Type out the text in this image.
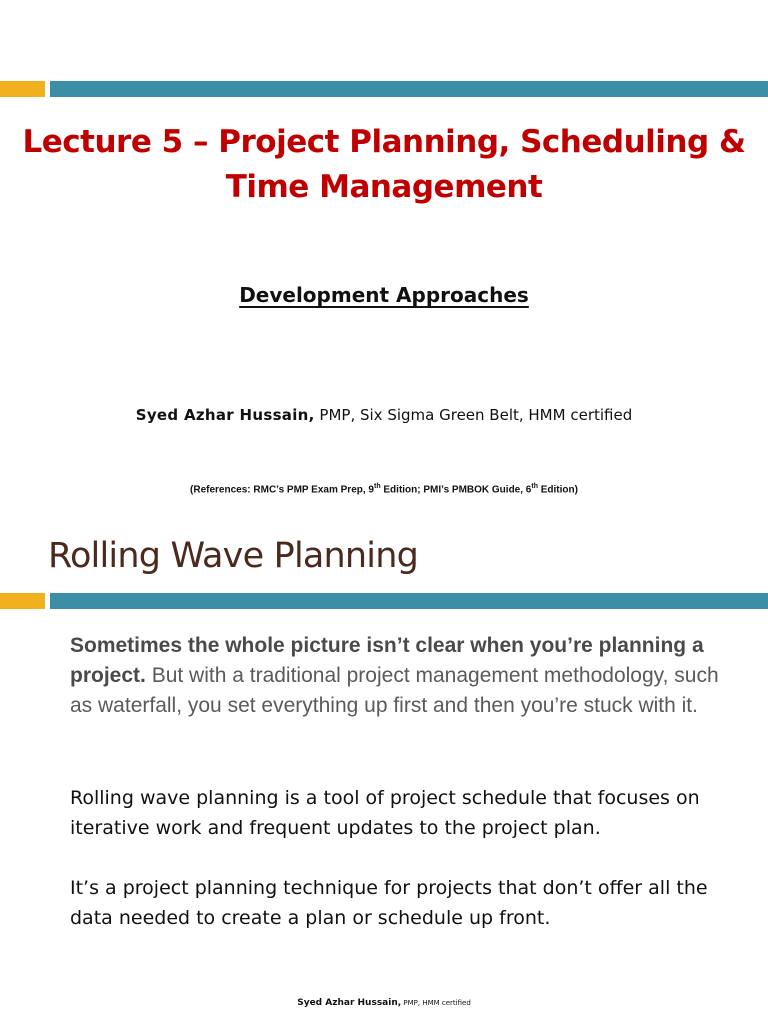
Lecture 5 – Project Planning, Scheduling &
Time Management
Development Approaches
Syed Azhar Hussain, PMP, Six Sigma Green Belt, HMM certified
(References: RMC’s PMP Exam Prep, 9th Edition; PMI’s PMBOK Guide, 6th Edition)
Rolling Wave Planning
Sometimes the whole picture isn’t clear when you’re planning a project. But with a traditional project management methodology, such as waterfall, you set everything up first and then you’re stuck with it.
Rolling wave planning is a tool of project schedule that focuses on iterative work and frequent updates to the project plan.
It’s a project planning technique for projects that don’t offer all the data needed to create a plan or schedule up front.
Syed Azhar Hussain, PMP, HMM certified
